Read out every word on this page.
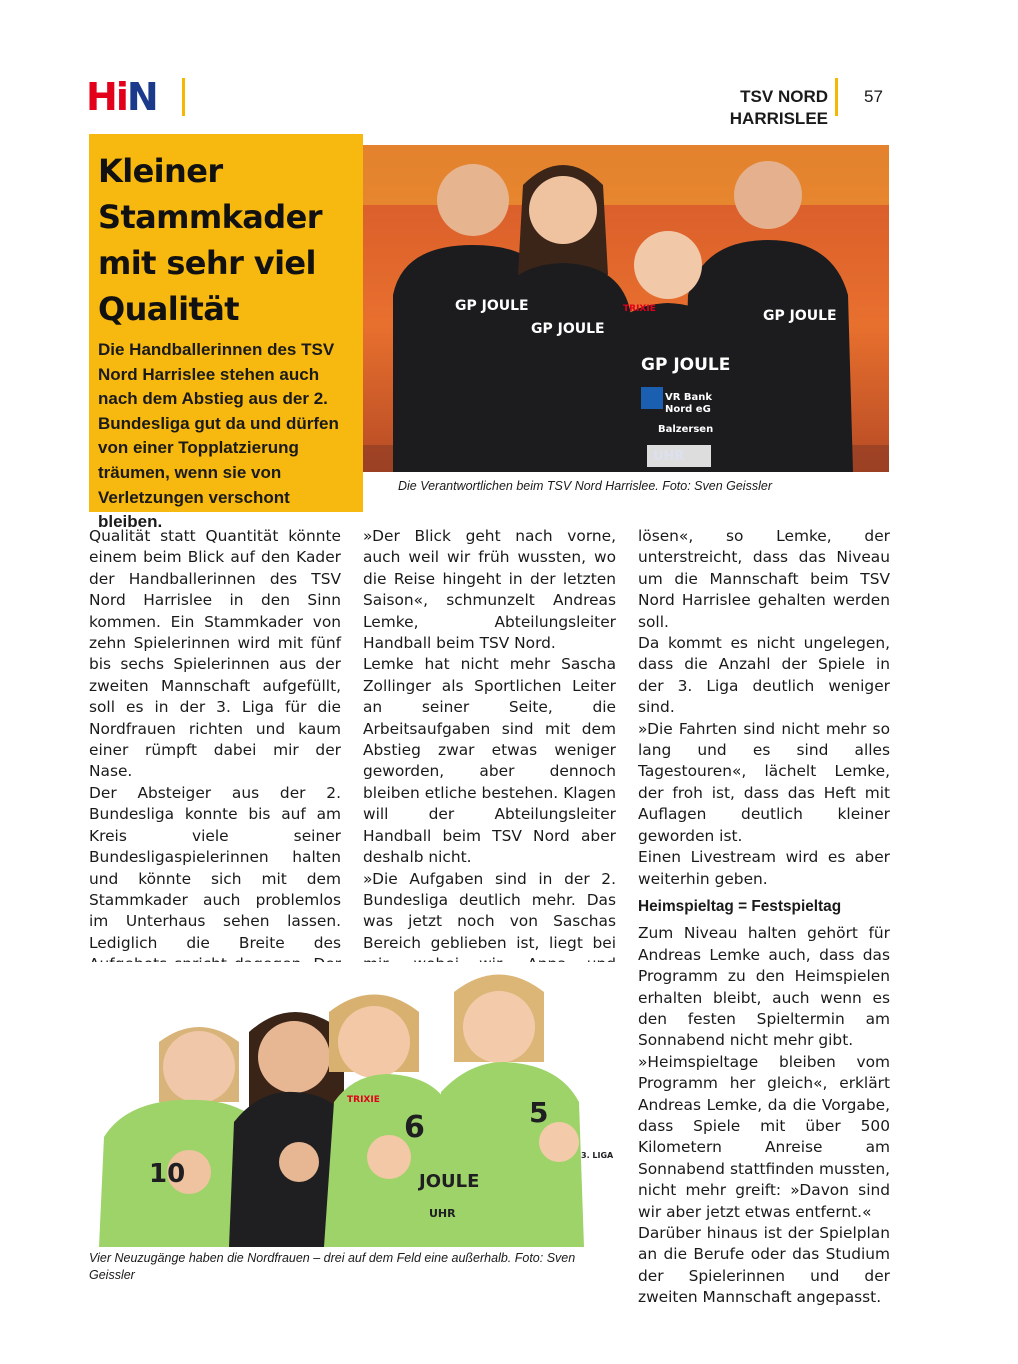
HiN	TSV NORD HARRISLEE
57
Kleiner Stammkader mit sehr viel Qualität

Die Handballerinnen des TSV Nord Harrislee stehen auch nach dem Abstieg aus der 2. Bundesliga gut da und dürfen von einer Topplatzierung träumen, wenn sie von Verletzungen verschont bleiben.

GP JOULE
GP JOULE
GP JOULE
GP JOULE
VR Bank
Nord eG
Balzersen
TRIXIE
Die Verantwortlichen beim TSV Nord Harrislee. Foto: Sven Geissler

Qualität statt Quantität könnte einem beim Blick auf den Kader der Handballerinnen des TSV Nord Harrislee in den Sinn kommen. Ein Stammkader von zehn Spielerinnen wird mit fünf bis sechs Spielerinnen aus der zweiten Mannschaft aufgefüllt, soll es in der 3. Liga für die Nordfrauen richten und kaum einer rümpft dabei mir der Nase.

Der Absteiger aus der 2. Bundesliga konnte bis auf am Kreis viele seiner Bundesligaspielerinnen halten und könnte sich mit dem Stammkader auch problemlos im Unterhaus sehen lassen. Lediglich die Breite des

»Der Blick geht nach vorne, auch weil wir früh wussten, wo die Reise hingeht in der letzten Saison«, schmunzelt Andreas Lemke, Abteilungsleiter Handball beim TSV Nord.

Lemke hat nicht mehr Sascha Zollinger als Sportlichen Leiter an seiner Seite, die Arbeitsaufgaben sind mit dem Abstieg zwar etwas weniger geworden, aber dennoch bleiben etliche bestehen. Klagen will der Abteilungsleiter Handball beim TSV Nord aber deshalb nicht.

»Die Aufgaben sind in der 2. Bundesliga deutlich mehr. Das was jetzt noch von Saschas Bereich geblieben ist, liegt bei

lösen«, so Lemke, der unterstreicht, dass das Niveau um die Mannschaft beim TSV Nord Harrislee gehalten werden soll.

Da kommt es nicht ungelegen, dass die Anzahl der Spiele in der 3. Liga deutlich weniger sind.

»Die Fahrten sind nicht mehr so lang und es sind alles Tagestouren«, lächelt Lemke, der froh ist, dass das Heft mit Auflagen deutlich kleiner geworden ist.

Einen Livestream wird es aber weiterhin geben.

Heimspieltag = Festspieltag

Zum Niveau halten gehört für Andreas Lemke auch, dass das Programm zu den Heimspielen erhalten bleibt, auch wenn es den festen Spieltermin am Sonnabend nicht mehr gibt.

»Heimspieltage bleiben vom Programm her gleich«, erklärt Andreas Lemke, da die Vorgabe, dass Spiele mit über 500 Kilometern Anreise am Sonnabend stattfinden mussten, nicht mehr greift: »Davon sind wir aber jetzt etwas entfernt.«

Darüber hinaus ist der Spielplan an die Berufe oder das Studium der Spielerinnen und der zweiten Mannschaft angepasst.

10
6	5
JOULE
UHR
TRIXIE
3. LIGA
Vier Neuzugänge haben die Nordfrauen – drei auf dem Feld eine außerhalb. Foto: Sven Geissler
